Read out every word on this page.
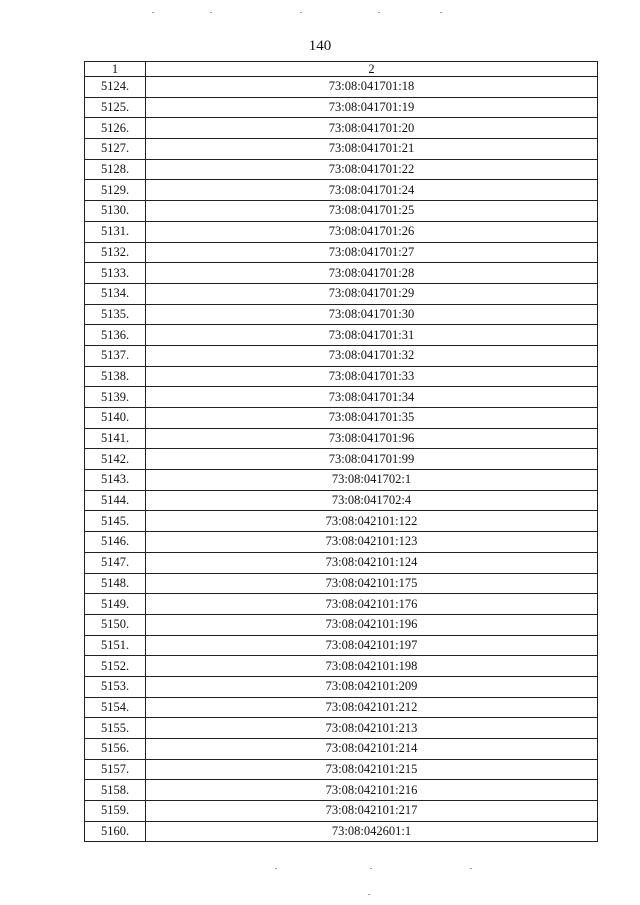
140
1	2
5124.	73:08:041701:18
5125.	73:08:041701:19
5126.	73:08:041701:20
5127.	73:08:041701:21
5128.	73:08:041701:22
5129.	73:08:041701:24
5130.	73:08:041701:25
5131.	73:08:041701:26
5132.	73:08:041701:27
5133.	73:08:041701:28
5134.	73:08:041701:29
5135.	73:08:041701:30
5136.	73:08:041701:31
5137.	73:08:041701:32
5138.	73:08:041701:33
5139.	73:08:041701:34
5140.	73:08:041701:35
5141.	73:08:041701:96
5142.	73:08:041701:99
5143.	73:08:041702:1
5144.	73:08:041702:4
5145.	73:08:042101:122
5146.	73:08:042101:123
5147.	73:08:042101:124
5148.	73:08:042101:175
5149.	73:08:042101:176
5150.	73:08:042101:196
5151.	73:08:042101:197
5152.	73:08:042101:198
5153.	73:08:042101:209
5154.	73:08:042101:212
5155.	73:08:042101:213
5156.	73:08:042101:214
5157.	73:08:042101:215
5158.	73:08:042101:216
5159.	73:08:042101:217
5160.	73:08:042601:1
